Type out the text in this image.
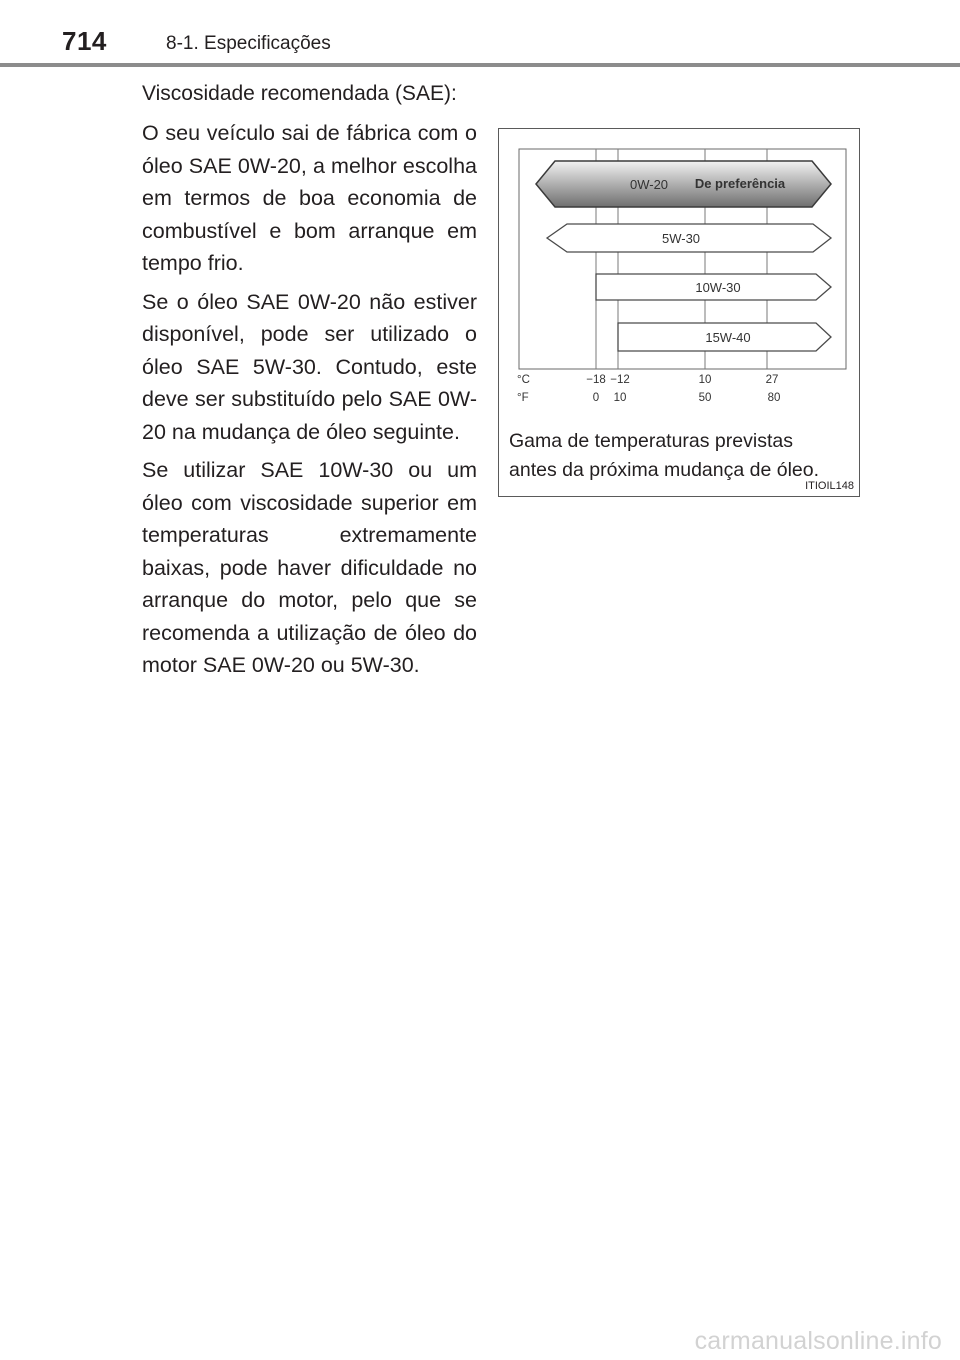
714	8-1. Especificações
Viscosidade recomendada (SAE):

O seu veículo sai de fábrica com o óleo SAE 0W-20, a melhor escolha em termos de boa economia de combustível e bom arranque em tempo frio.

Se o óleo SAE 0W-20 não estiver disponível, pode ser utilizado o óleo SAE 5W-30. Contudo, este deve ser substituído pelo SAE 0W-20 na mudança de óleo seguinte.

Se utilizar SAE 10W-30 ou um óleo com viscosidade superior em temperaturas extremamente baixas, pode haver dificuldade no arranque do motor, pelo que se recomenda a utilização de óleo do motor SAE 0W-20 ou 5W-30.

0W-20 De preferência
5W-30
10W-30
15W-40
°C	−18 −12	10	27
°F	0 10	50	80
Gama de temperaturas previstas
antes da próxima mudança de óleo.
ITIOIL148
carmanualsonline.info
